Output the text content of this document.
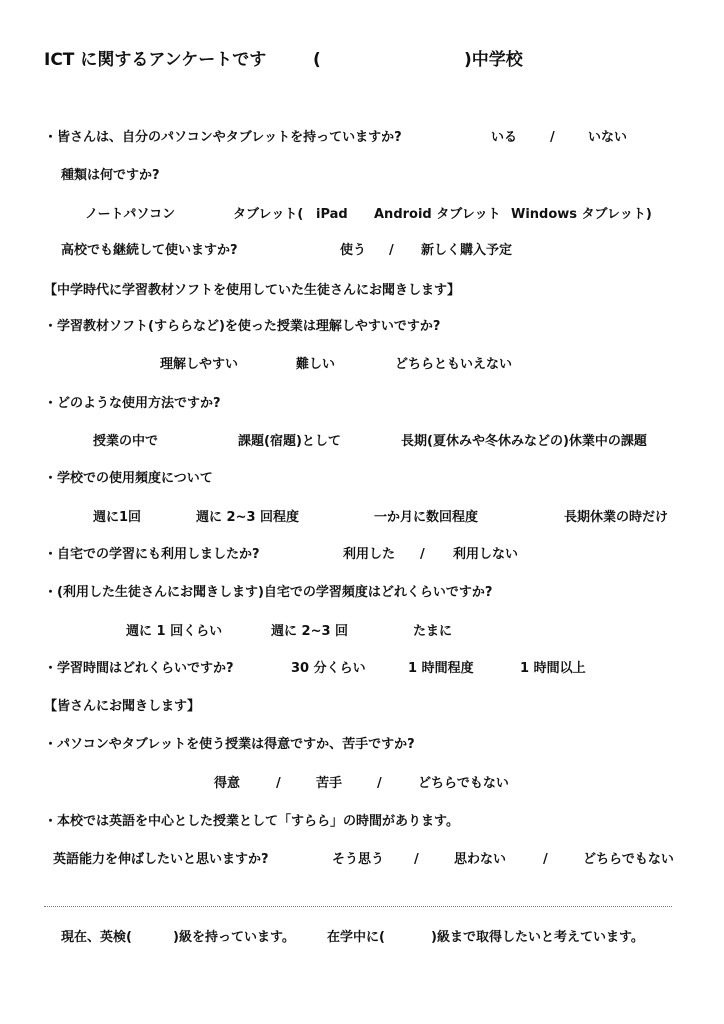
ICT に関するアンケートです	(	)中学校
・皆さんは、自分のパソコンやタブレットを持っていますか?	いる	/	いない
種類は何ですか?
ノートパソコン	タブレット( iPad Android タブレット Windows タブレット)
高校でも継続して使いますか?	使う / 新しく購入予定
【中学時代に学習教材ソフトを使用していた生徒さんにお聞きします】
・学習教材ソフト(すららなど)を使った授業は理解しやすいですか?
理解しやすい	難しい	どちらともいえない
・どのような使用方法ですか?
授業の中で	課題(宿題)として	長期(夏休みや冬休みなどの)休業中の課題
・学校での使用頻度について
週に1回	週に 2~3 回程度	一か月に数回程度	長期休業の時だけ
・自宅での学習にも利用しましたか?	利用した / 利用しない
・(利用した生徒さんにお聞きします)自宅での学習頻度はどれくらいですか?
週に 1 回くらい	週に 2~3 回	たまに
・学習時間はどれくらいですか?	30 分くらい	1 時間程度	1 時間以上
【皆さんにお聞きします】
・パソコンやタブレットを使う授業は得意ですか、苦手ですか?
得意	/	苦手	/	どちらでもない
・本校では英語を中心とした授業として「すらら」の時間があります。
英語能力を伸ばしたいと思いますか?	そう思う /	思わない	/	どちらでもない
現在、英検(	)級を持っています。 在学中に(	)級まで取得したいと考えています。
